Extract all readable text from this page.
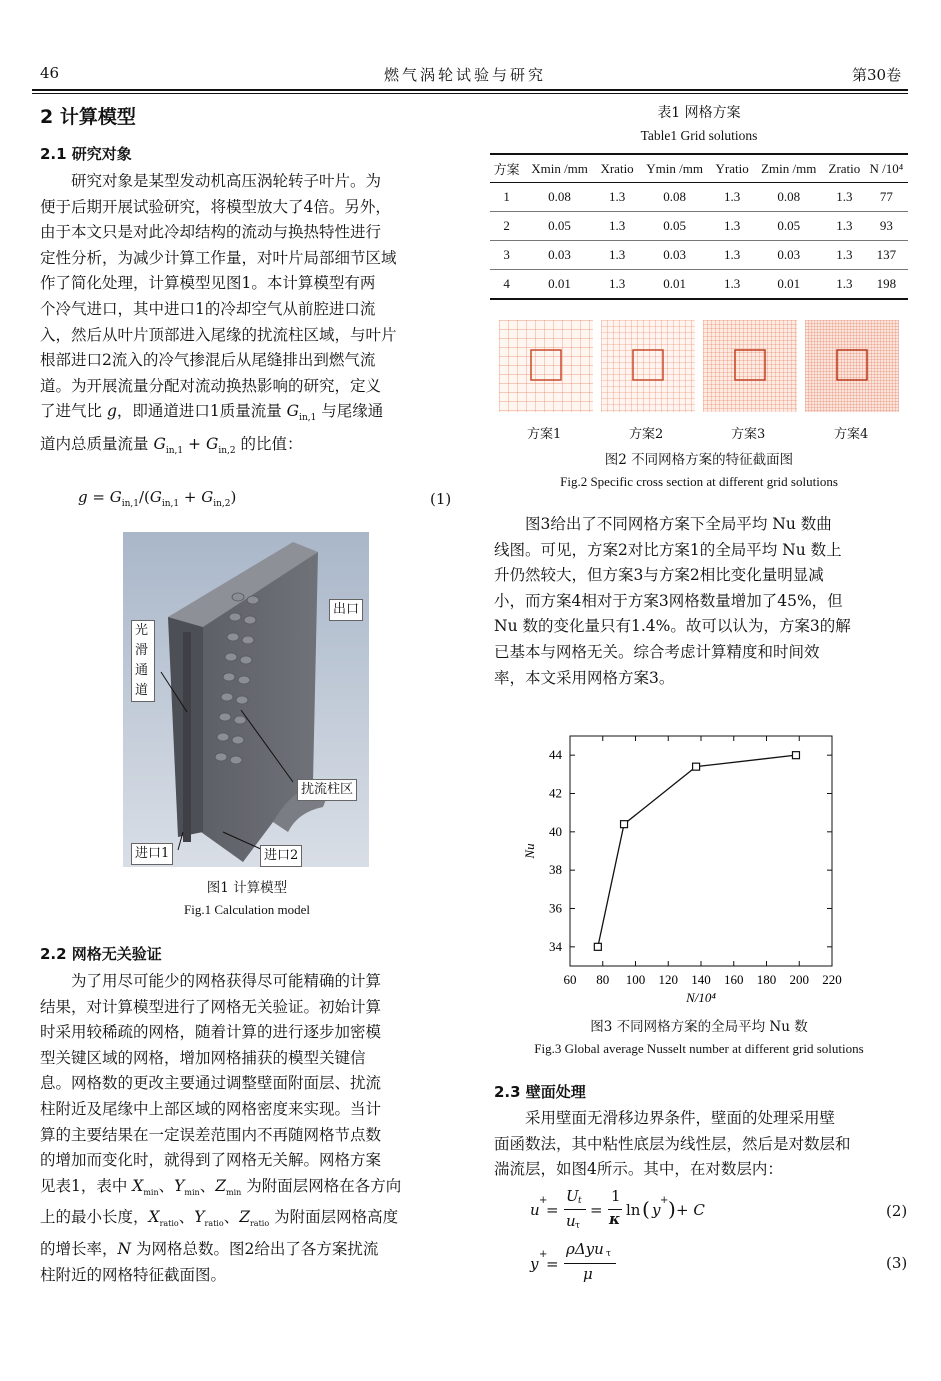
46	燃气涡轮试验与研究	第30卷
2 计算模型
2.1 研究对象

研究对象是某型发动机高压涡轮转子叶片。为

便于后期开展试验研究，将模型放大了4倍。另外，

由于本文只是对此冷却结构的流动与换热特性进行

定性分析，为减少计算工作量，对叶片局部细节区域

作了简化处理，计算模型见图1。本计算模型有两

个冷气进口，其中进口1的冷却空气从前腔进口流

入，然后从叶片顶部进入尾缘的扰流柱区域，与叶片

根部进口2流入的冷气掺混后从尾缝排出到燃气流

道。为开展流量分配对流动换热影响的研究，定义

了进气比 g，即通道进口1质量流量 $G_{in,1}$ 与尾缘通

道内总质量流量 $G_{in,1} + G_{in,2}$ 的比值：

$g = G_{in,1}/(G_{in,1} + G_{in,2})$	(1)
出口
光滑通道
扰流柱区
进口1	进口2
图1 计算模型
Fig.1 Calculation model
2.2 网格无关验证

为了用尽可能少的网格获得尽可能精确的计算

结果，对计算模型进行了网格无关验证。初始计算

时采用较稀疏的网格，随着计算的进行逐步加密模

型关键区域的网格，增加网格捕获的模型关键信

息。网格数的更改主要通过调整壁面附面层、扰流

柱附近及尾缘中上部区域的网格密度来实现。当计

算的主要结果在一定误差范围内不再随网格节点数

的增加而变化时，就得到了网格无关解。网格方案

见表1，表中 $X_{min}$、$Y_{min}$、$Z_{min}$ 为附面层网格在各方向

上的最小长度，$X_{ratio}$、$Y_{ratio}$、$Z_{ratio}$ 为附面层网格高度

的增长率，N 为网格总数。图2给出了各方案扰流

柱附近的网格特征截面图。

表1 网格方案
Table1 Grid solutions
方案	Xmin /mm	Xratio	Ymin /mm	Yratio	Zmin /mm	Zratio	N /10⁴
1	0.08	1.3	0.08	1.3	0.08	1.3	77
2	0.05	1.3	0.05	1.3	0.05	1.3	93
3	0.03	1.3	0.03	1.3	0.03	1.3	137
4	0.01	1.3	0.01	1.3	0.01	1.3	198
方案1	方案2	方案3	方案4
图2 不同网格方案的特征截面图
Fig.2 Specific cross section at different grid solutions

图3给出了不同网格方案下全局平均 Nu 数曲

线图。可见，方案2对比方案1的全局平均 Nu 数上

升仍然较大，但方案3与方案2相比变化量明显减

小，而方案4相对于方案3网格数量增加了45%，但

Nu 数的变化量只有1.4%。故可以认为，方案3的解

已基本与网格无关。综合考虑计算精度和时间效

率，本文采用网格方案3。

60 80 100 120 140 160 180 200 220
34
36
38
40
42
44
N/10⁴
Nu
图3 不同网格方案的全局平均 Nu 数
Fig.3 Global average Nusselt number at different grid solutions
2.3 壁面处理

采用壁面无滑移边界条件，壁面的处理采用壁

面函数法，其中粘性底层为线性层，然后是对数层和

湍流层，如图4所示。其中，在对数层内：

u
+
=
U t
u τ
=
1
κ ln ( y
+ ) + C	(2)
y
+
=
ρΔyu τ
μ
(3)
